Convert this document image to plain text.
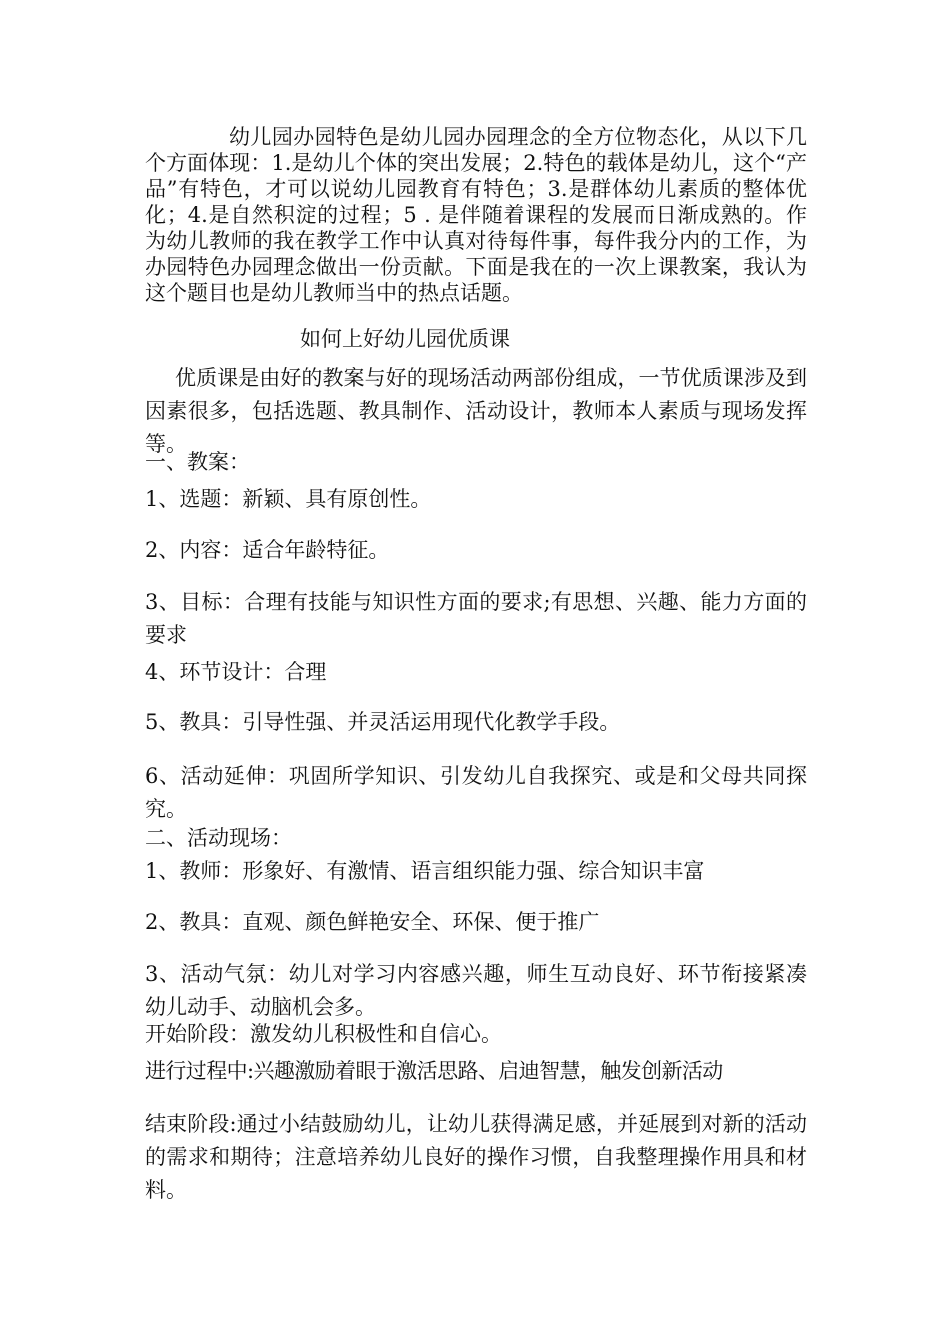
幼儿园办园特色是幼儿园办园理念的全方位物态化，从以下几个方面体现：1.是幼儿个体的突出发展；2.特色的载体是幼儿，这个“产品”有特色，才可以说幼儿园教育有特色；3.是群体幼儿素质的整体优化；4.是自然积淀的过程；5 . 是伴随着课程的发展而日渐成熟的。作为幼儿教师的我在教学工作中认真对待每件事，每件我分内的工作，为办园特色办园理念做出一份贡献。下面是我在的一次上课教案，我认为这个题目也是幼儿教师当中的热点话题。

如何上好幼儿园优质课

优质课是由好的教案与好的现场活动两部份组成，一节优质课涉及到因素很多，包括选题、教具制作、活动设计，教师本人素质与现场发挥等。

一、教案：

1、选题：新颖、具有原创性。

2、内容：适合年龄特征。

3、目标：合理有技能与知识性方面的要求;有思想、兴趣、能力方面的要求

4、环节设计：合理

5、教具：引导性强、并灵活运用现代化教学手段。

6、活动延伸：巩固所学知识、引发幼儿自我探究、或是和父母共同探究。

二、活动现场：

1、教师：形象好、有激情、语言组织能力强、综合知识丰富

2、教具：直观、颜色鲜艳安全、环保、便于推广

3、活动气氛：幼儿对学习内容感兴趣，师生互动良好、环节衔接紧凑幼儿动手、动脑机会多。

开始阶段：激发幼儿积极性和自信心。

进行过程中:兴趣激励着眼于激活思路、启迪智慧，触发创新活动

结束阶段:通过小结鼓励幼儿，让幼儿获得满足感，并延展到对新的活动的需求和期待；注意培养幼儿良好的操作习惯，自我整理操作用具和材料。
